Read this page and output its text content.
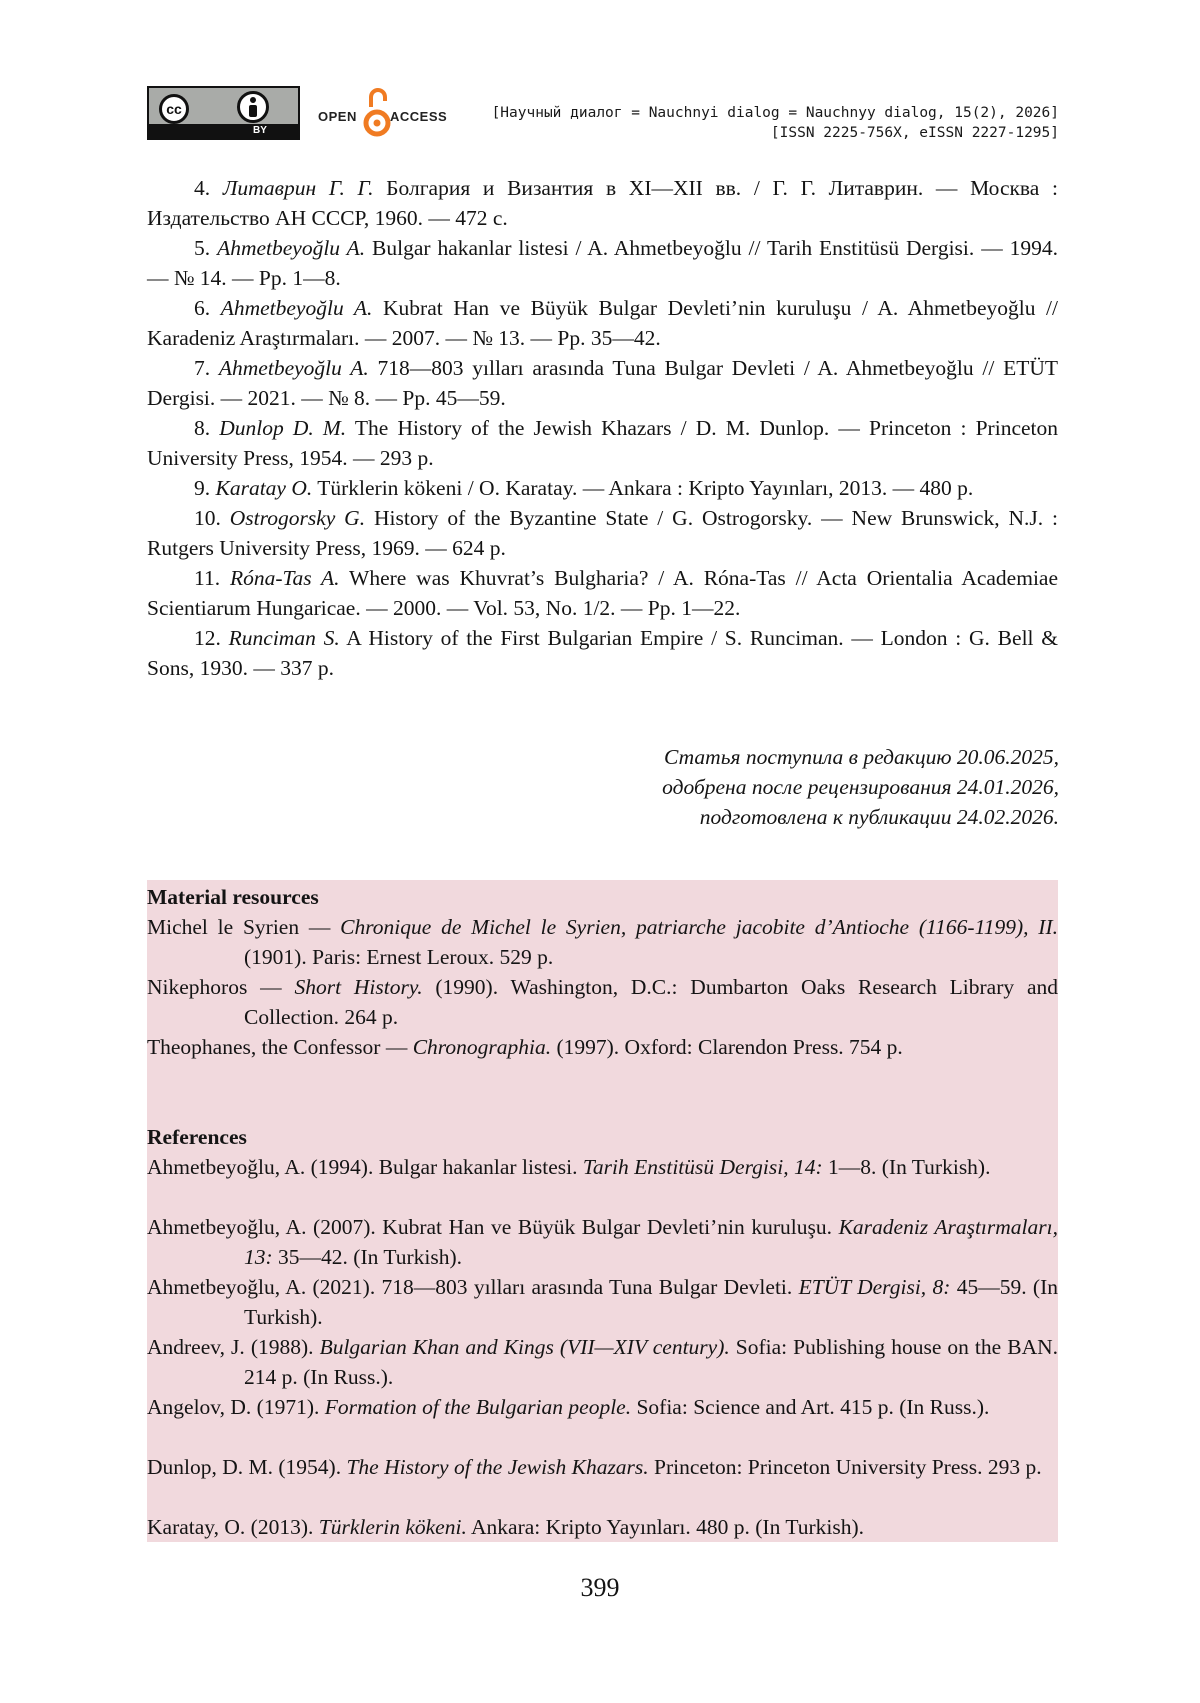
cc
BY
OPEN	ACCESS	[Научный диалог = Nauchnyi dialog = Nauchnyy dialog, 15(2), 2026]
[ISSN 2225-756X, eISSN 2227-1295]
4. Литаврин Г. Г. Болгария и Византия в XI—XII вв. / Г. Г. Литаврин. — Москва : Издательство АН СССР, 1960. — 472 с.
5. Ahmetbeyoğlu A. Bulgar hakanlar listesi / A. Ahmetbeyoğlu // Tarih Enstitüsü Dergisi. — 1994. — № 14. — Pp. 1—8.
6. Ahmetbeyoğlu A. Kubrat Han ve Büyük Bulgar Devleti’nin kuruluşu / A. Ahmetbeyoğlu // Karadeniz Araştırmaları. — 2007. — № 13. — Pp. 35—42.
7. Ahmetbeyoğlu A. 718—803 yılları arasında Tuna Bulgar Devleti / A. Ahmetbeyoğlu // ETÜT Dergisi. — 2021. — № 8. — Pp. 45—59.
8. Dunlop D. M. The History of the Jewish Khazars / D. M. Dunlop. — Princeton : Princeton University Press, 1954. — 293 p.
9. Karatay O. Türklerin kökeni / O. Karatay. — Ankara : Kripto Yayınları, 2013. — 480 p.
10. Ostrogorsky G. History of the Byzantine State / G. Ostrogorsky. — New Brunswick, N.J. : Rutgers University Press, 1969. — 624 p.
11. Róna-Tas A. Where was Khuvrat’s Bulgharia? / A. Róna-Tas // Acta Orientalia Academiae Scientiarum Hungaricae. — 2000. — Vol. 53, No. 1/2. — Pp. 1—22.
12. Runciman S. A History of the First Bulgarian Empire / S. Runciman. — London : G. Bell & Sons, 1930. — 337 p.
Статья поступила в редакцию 20.06.2025,
одобрена после рецензирования 24.01.2026,
подготовлена к публикации 24.02.2026.
Material resources
Michel le Syrien — Chronique de Michel le Syrien, patriarche jacobite d’Antioche (1166-1199), II. (1901). Paris: Ernest Leroux. 529 p.
Nikephoros — Short History. (1990). Washington, D.C.: Dumbarton Oaks Research Library and Collection. 264 p.
Theophanes, the Confessor — Chronographia. (1997). Oxford: Clarendon Press. 754 p.
References
Ahmetbeyoğlu, A. (1994). Bulgar hakanlar listesi. Tarih Enstitüsü Dergisi, 14: 1—8. (In Turkish).
Ahmetbeyoğlu, A. (2007). Kubrat Han ve Büyük Bulgar Devleti’nin kuruluşu. Karadeniz Araştırmaları, 13: 35—42. (In Turkish).
Ahmetbeyoğlu, A. (2021). 718—803 yılları arasında Tuna Bulgar Devleti. ETÜT Dergisi, 8: 45—59. (In Turkish).
Andreev, J. (1988). Bulgarian Khan and Kings (VII—XIV century). Sofia: Publishing house on the BAN. 214 p. (In Russ.).
Angelov, D. (1971). Formation of the Bulgarian people. Sofia: Science and Art. 415 p. (In Russ.).
Dunlop, D. M. (1954). The History of the Jewish Khazars. Princeton: Princeton University Press. 293 p.
Karatay, O. (2013). Türklerin kökeni. Ankara: Kripto Yayınları. 480 p. (In Turkish).
399
